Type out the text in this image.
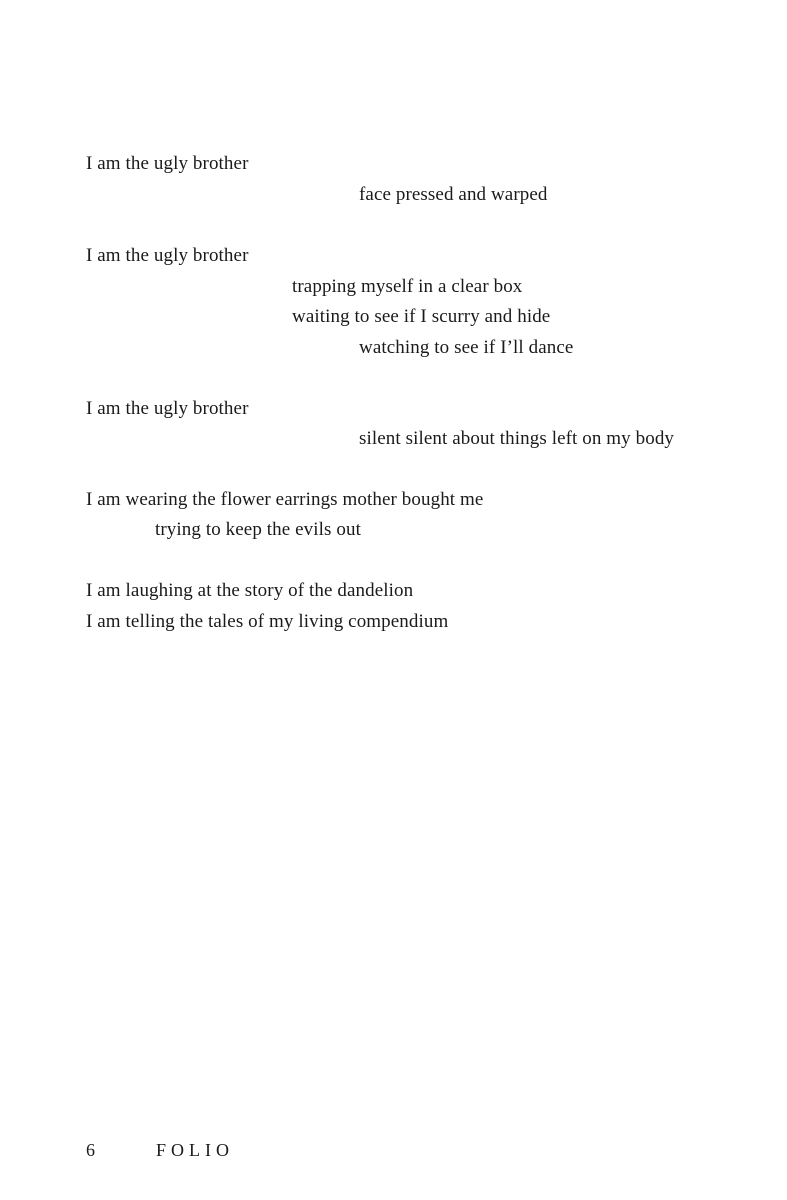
I am the ugly brother
face pressed and warped
I am the ugly brother
trapping myself in a clear box
waiting to see if I scurry and hide
watching to see if I’ll dance
I am the ugly brother
silent silent about things left on my body
I am wearing the flower earrings mother bought me
trying to keep the evils out
I am laughing at the story of the dandelion
I am telling the tales of my living compendium
6	FOLIO
